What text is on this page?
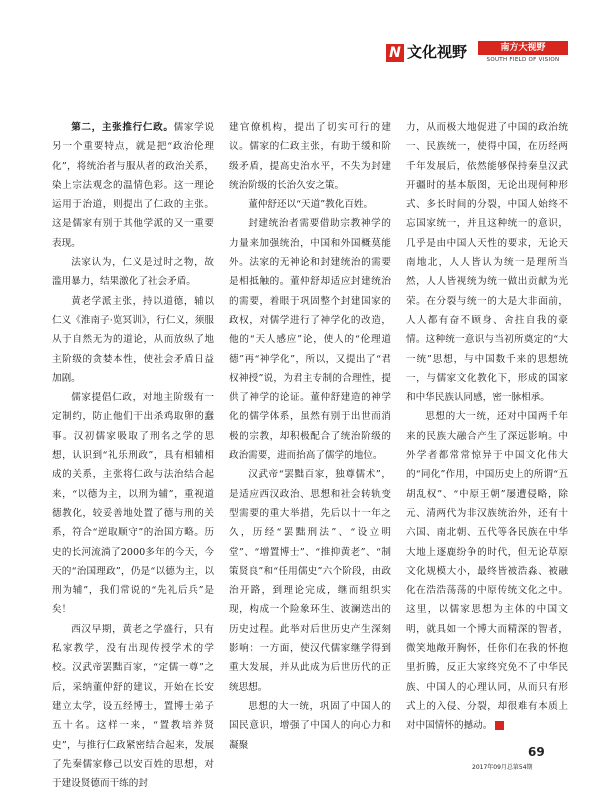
N 文化视野	南方大视野
SOUTH FIELD OF VISION

第二，主张推行仁政。儒家学说另一个重要特点，就是把“政治伦理化”，将统治者与服从者的政治关系，染上宗法观念的温情色彩。这一理论运用于治道，则提出了仁政的主张。这是儒家有别于其他学派的又一重要表现。

法家认为，仁义是过时之物，故滥用暴力，结果激化了社会矛盾。

黄老学派主张，持以道德，辅以仁义《淮南子·览冥训》，行仁义，须服从于自然无为的道论，从而放纵了地主阶级的贪婪本性，使社会矛盾日益加剧。

儒家提倡仁政，对地主阶级有一定制约，防止他们干出杀鸡取卵的蠢事。汉初儒家吸取了刑名之学的思想，认识到“礼乐刑政”，具有相辅相成的关系，主张将仁政与法治结合起来，“以德为主，以刑为辅”，重视道德教化，较妥善地处置了德与刑的关系，符合“逆取顺守”的治国方略。历史的长河流淌了2000多年的今天，今天的“治国理政”，仍是“以德为主，以刑为辅”，我们常说的“先礼后兵”是矣！

西汉早期，黄老之学盛行，只有私家教学，没有出现传授学术的学校。汉武帝罢黜百家，“定儒一尊”之后，采纳董仲舒的建议，开始在长安建立太学，设五经博士，置博士弟子五十名。这样一来，“置教培养贤史”，与推行仁政紧密结合起来，发展了先秦儒家修己以安百姓的思想，对于建设贤德而干练的封

建官僚机构，提出了切实可行的建议。儒家的仁政主张，有助于缓和阶级矛盾，提高史治水平，不失为封建统治阶级的长治久安之策。

董仲舒还以“天道”教化百姓。

封建统治者需要借助宗教神学的力量来加强统治，中国和外国概莫能外。法家的无神论和封建统治的需要是相抵触的。董仲舒却适应封建统治的需要，着眼于巩固整个封建国家的政权，对儒学进行了神学化的改造，他的“天人感应”论，使人的“伦理道德”再“神学化”，所以，又提出了“君权神授”说，为君主专制的合理性，提供了神学的论证。董仲舒建造的神学化的儒学体系，虽然有别于出世而消极的宗教，却积极配合了统治阶级的政治需要，进而抬高了儒学的地位。

汉武帝“罢黜百家，独尊儒术”，是适应西汉政治、思想和社会转轨变型需要的重大举措，先后以十一年之久，历经“罢黜刑法”、“设立明堂”、“增置博士”、“推抑黄老”、“制策贤良”和“任用儒史”六个阶段，由政治开路，到理论完成，继而组织实现，构成一个险象环生、波澜迭出的历史过程。此举对后世历史产生深刻影响：一方面，使汉代儒家继学得到重大发展，并从此成为后世历代的正统思想。

思想的大一统，巩固了中国人的国民意识，增强了中国人的向心力和凝聚

力，从而极大地促进了中国的政治统一、民族统一，使得中国，在历经两千年发展后，依然能够保持秦皇汉武开疆时的基本版图，无论出现何种形式、多长时间的分裂，中国人始终不忘国家统一，并且这种统一的意识，几乎是由中国人天性的要求，无论天南地北，人人皆认为统一是理所当然，人人皆视统为统一做出贡献为光荣。在分裂与统一的大是大非面前，人人都有奋不顾身、舍拄自我的豪情。这种统一意识与当初所奠定的“大一统”思想，与中国数千来的思想统一，与儒家文化教化下，形成的国家和中华民族认同感，密一脉相承。

思想的大一统，还对中国两千年来的民族大融合产生了深远影响。中外学者都常常惊异于中国文化伟大的“同化”作用，中国历史上的所谓“五胡乱权”、“中原王朝”屡遭侵略，除元、清两代为非汉族统治外，还有十六国、南北朝、五代等各民族在中华大地上逐鹿纷争的时代，但无论草原文化规模大小，最终皆被浩淼、被融化在浩浩荡荡的中原传统文化之中。这里，以儒家思想为主体的中国文明，就具如一个博大而精深的智者，微笑地敞开胸怀，任你们在我的怀抱里折腾，反正大家终究免不了中华民族、中国人的心理认同，从而只有形式上的入侵、分裂，却很难有本质上对中国情怀的撼动。	N

69
2017年09月总第54期
